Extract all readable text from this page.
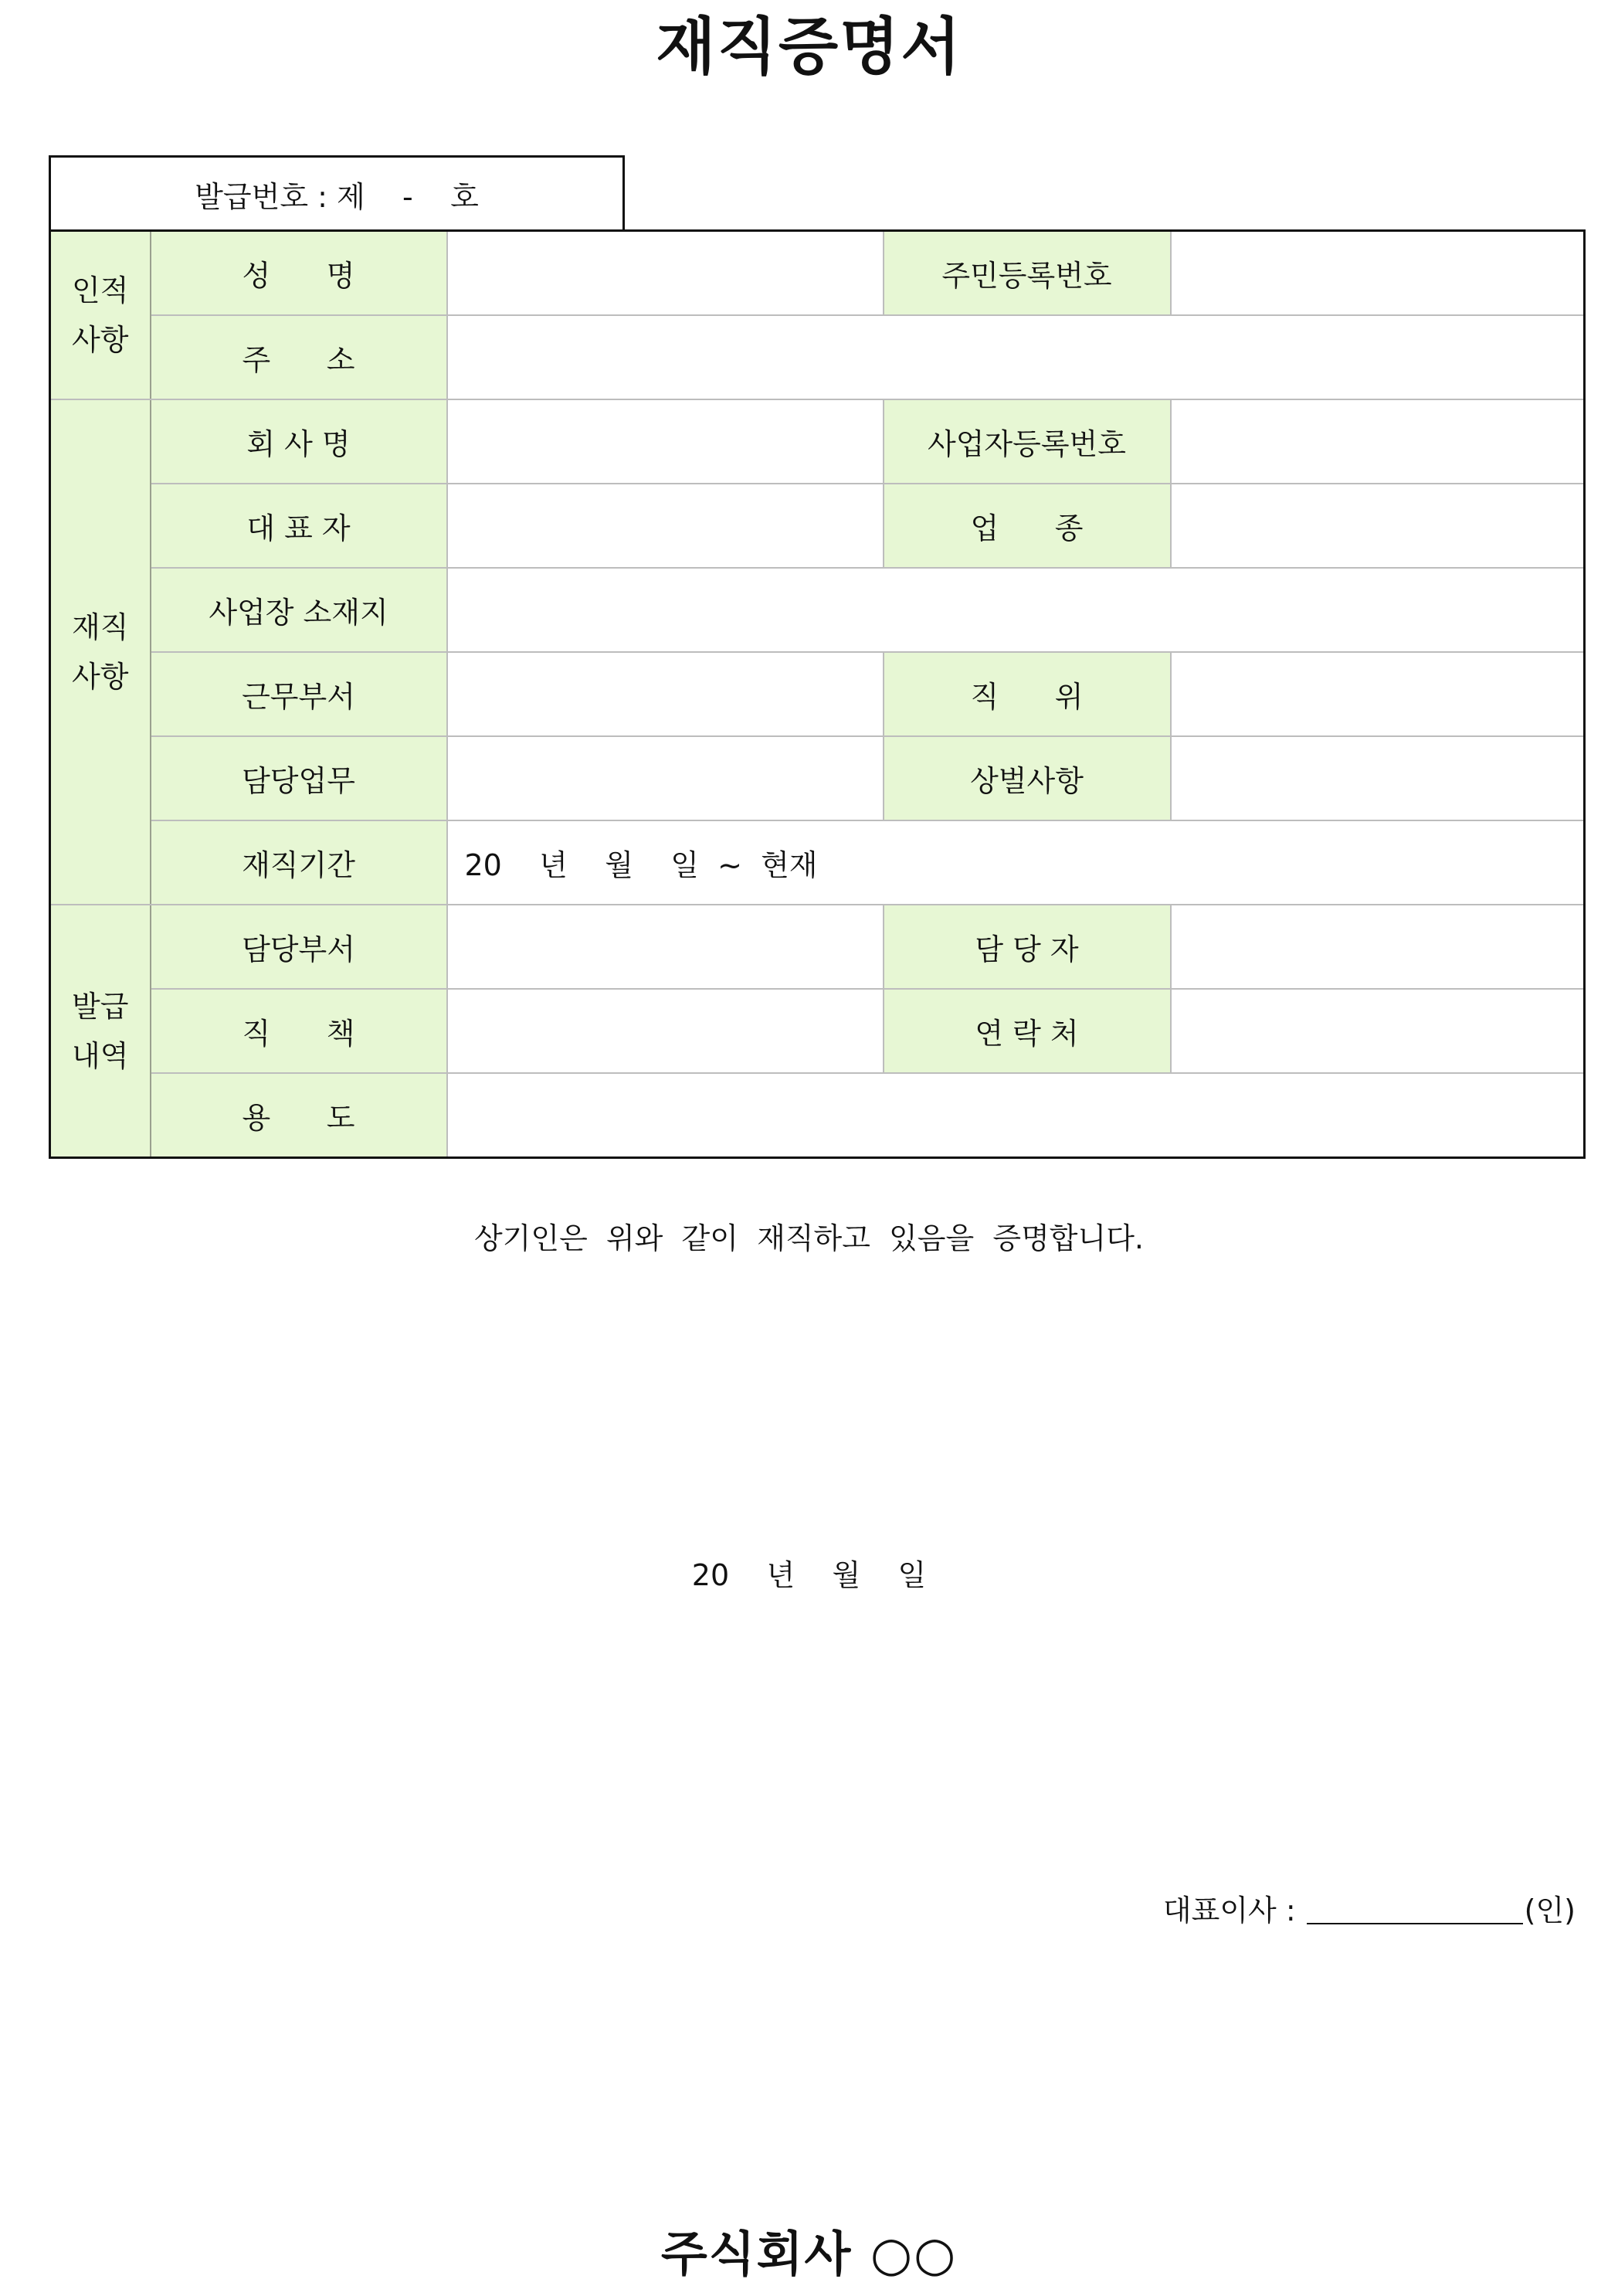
재직증명서
발급번호 : 제    -    호
인적
사항	성      명		주민등록번호	
	주      소			

재직
사항	회 사 명		사업자등록번호	
	대 표 자		업      종	
	사업장 소재지			
	근무부서		직      위	
	담당업무		상벌사항	
	재직기간	20    년    월    일  ~  현재		

발급
내역	담당부서		담 당 자	
	직      책		연 락 처	
	용      도			
상기인은  위와  같이  재직하고  있음을  증명합니다.
20    년    월    일
대표이사 :	(인)
주식회사 ○○
